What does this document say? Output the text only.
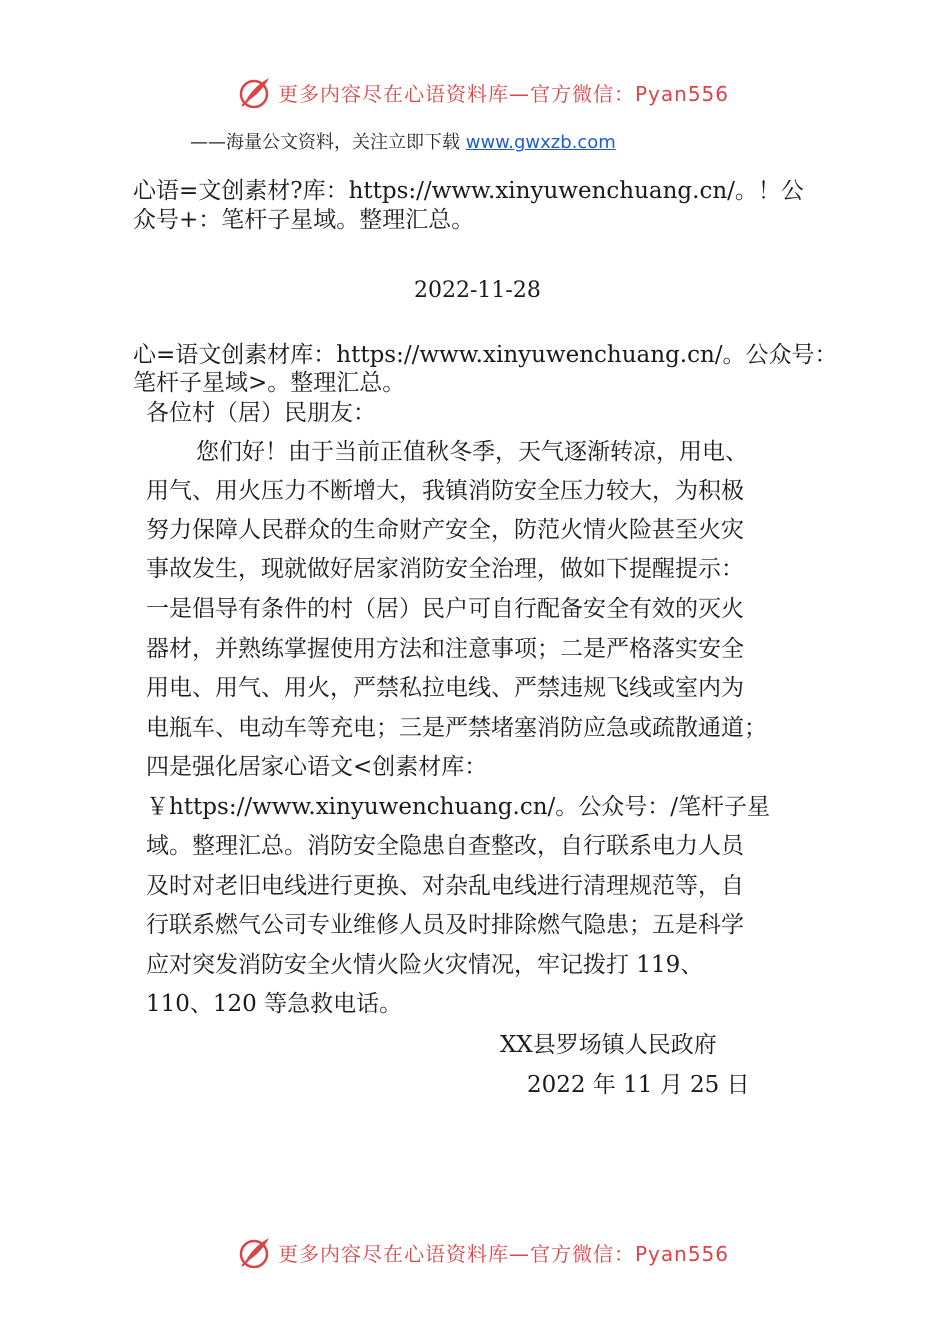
更多内容尽在心语资料库—官方微信：Pyan556
——海量公文资料，关注立即下载 www.gwxzb.com
心语=文创素材?库：https://www.xinyuwenchuang.cn/。！公
众号+：笔杆子星域。整理汇总。
2022-11-28
心=语文创素材库：https://www.xinyuwenchuang.cn/。公众号：
笔杆子星域>。整理汇总。
各位村（居）民朋友：
您们好！由于当前正值秋冬季，天气逐渐转凉，用电、
用气、用火压力不断增大，我镇消防安全压力较大，为积极
努力保障人民群众的生命财产安全，防范火情火险甚至火灾
事故发生，现就做好居家消防安全治理，做如下提醒提示：
一是倡导有条件的村（居）民户可自行配备安全有效的灭火
器材，并熟练掌握使用方法和注意事项；二是严格落实安全
用电、用气、用火，严禁私拉电线、严禁违规飞线或室内为
电瓶车、电动车等充电；三是严禁堵塞消防应急或疏散通道；
四是强化居家心语文<创素材库：
￥https://www.xinyuwenchuang.cn/。公众号：/笔杆子星
域。整理汇总。消防安全隐患自查整改，自行联系电力人员
及时对老旧电线进行更换、对杂乱电线进行清理规范等，自
行联系燃气公司专业维修人员及时排除燃气隐患；五是科学
应对突发消防安全火情火险火灾情况，牢记拨打 119、
110、120 等急救电话。
XX县罗场镇人民政府
2022 年 11 月 25 日
更多内容尽在心语资料库—官方微信：Pyan556
